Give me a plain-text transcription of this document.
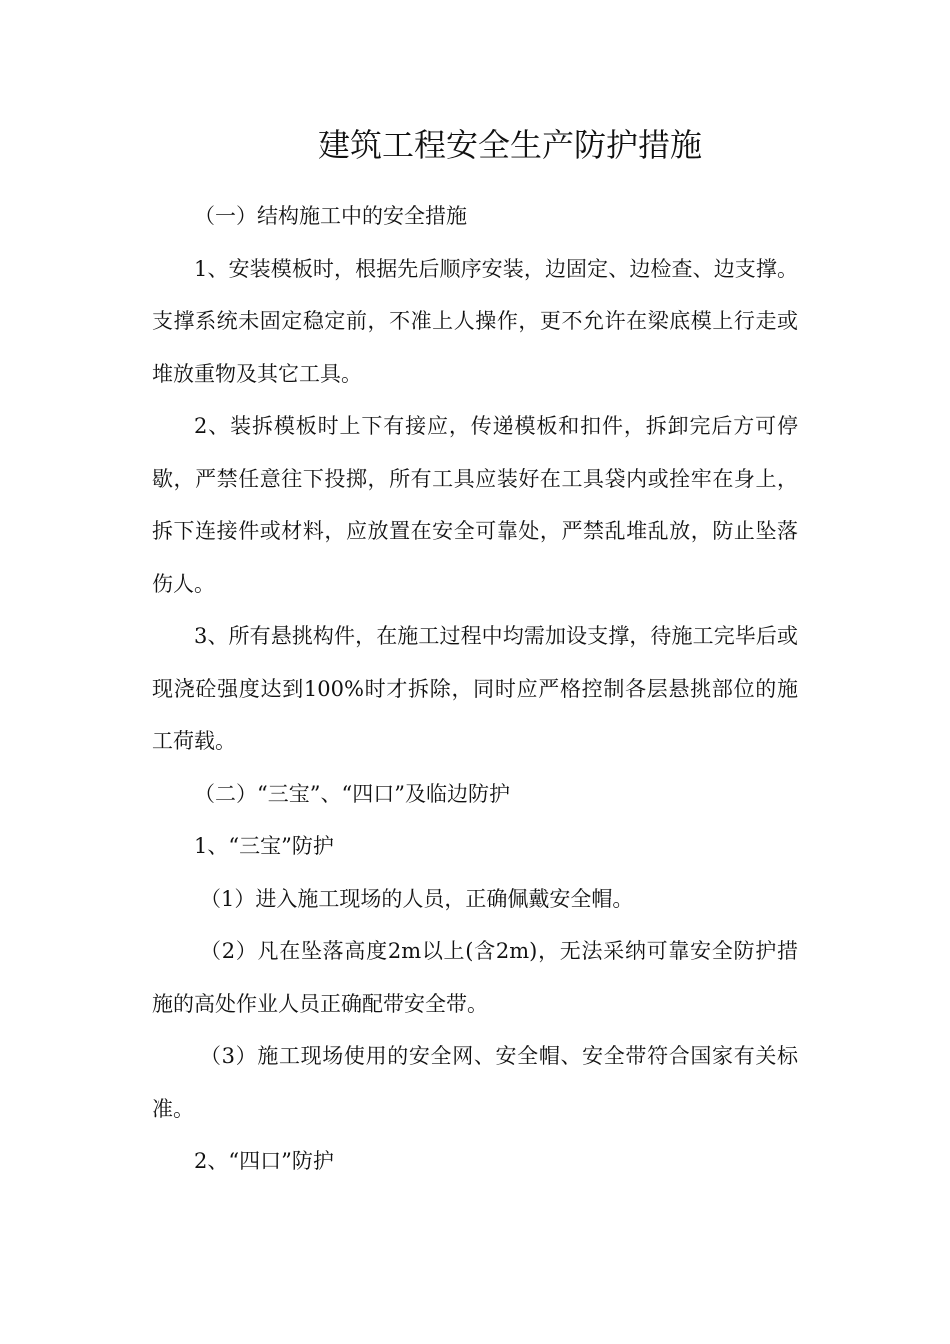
建筑工程安全生产防护措施

（一）结构施工中的安全措施

1、安装模板时，根据先后顺序安装，边固定、边检查、边支撑。支撑系统未固定稳定前，不准上人操作，更不允许在梁底模上行走或堆放重物及其它工具。

2、装拆模板时上下有接应，传递模板和扣件，拆卸完后方可停歇，严禁任意往下投掷，所有工具应装好在工具袋内或拴牢在身上，拆下连接件或材料，应放置在安全可靠处，严禁乱堆乱放，防止坠落伤人。

3、所有悬挑构件，在施工过程中均需加设支撑，待施工完毕后或现浇砼强度达到100%时才拆除，同时应严格控制各层悬挑部位的施工荷载。

（二）“三宝”、“四口”及临边防护

1、“三宝”防护

（1）进入施工现场的人员，正确佩戴安全帽。

（2）凡在坠落高度2m以上(含2m)，无法采纳可靠安全防护措施的高处作业人员正确配带安全带。

（3）施工现场使用的安全网、安全帽、安全带符合国家有关标准。

2、“四口”防护
